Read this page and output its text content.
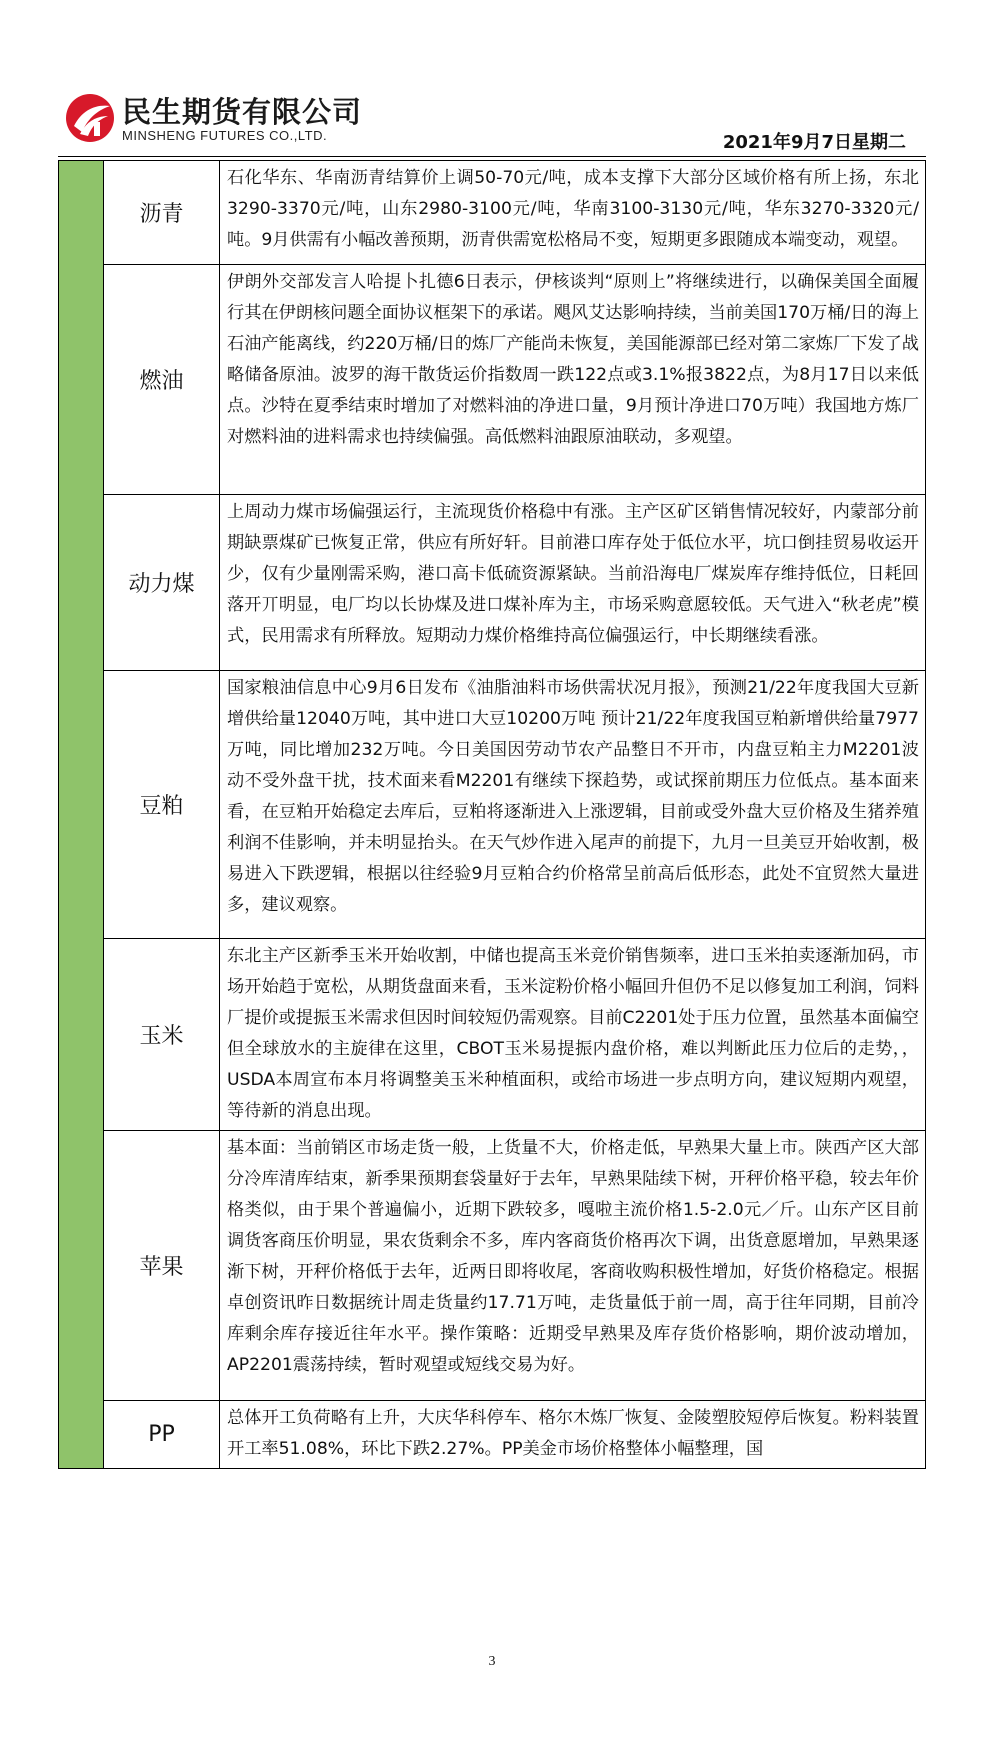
民生期货有限公司
MINSHENG FUTURES CO.,LTD.	2021年9月7日星期二
	沥青	石化华东、华南沥青结算价上调50-70元/吨，成本支撑下大部分区域价格有所上扬，东北3290-3370元/吨，山东2980-3100元/吨，华南3100-3130元/吨，华东3270-3320元/吨。9月供需有小幅改善预期，沥青供需宽松格局不变，短期更多跟随成本端变动，观望。
	燃油	伊朗外交部发言人哈提卜扎德6日表示，伊核谈判“原则上”将继续进行，以确保美国全面履行其在伊朗核问题全面协议框架下的承诺。飓风艾达影响持续，当前美国170万桶/日的海上石油产能离线，约220万桶/日的炼厂产能尚未恢复，美国能源部已经对第二家炼厂下发了战略储备原油。波罗的海干散货运价指数周一跌122点或3.1%报3822点，为8月17日以来低点。沙特在夏季结束时增加了对燃料油的净进口量，9月预计净进口70万吨）我国地方炼厂对燃料油的进料需求也持续偏强。高低燃料油跟原油联动，多观望。
	动力煤	上周动力煤市场偏强运行，主流现货价格稳中有涨。主产区矿区销售情况较好，内蒙部分前期缺票煤矿已恢复正常，供应有所好轩。目前港口库存处于低位水平，坑口倒挂贸易收运开少，仅有少量刚需采购，港口高卡低硫资源紧缺。当前沿海电厂煤炭库存维持低位，日耗回落开丌明显，电厂均以长协煤及进口煤补库为主，市场采购意愿较低。天气进入“秋老虎”模式，民用需求有所释放。短期动力煤价格维持高位偏强运行，中长期继续看涨。
	豆粕	国家粮油信息中心9月6日发布《油脂油料市场供需状况月报》，预测21/22年度我国大豆新增供给量12040万吨，其中进口大豆10200万吨 预计21/22年度我国豆粕新增供给量7977万吨，同比增加232万吨。今日美国因劳动节农产品整日不开市，内盘豆粕主力M2201波动不受外盘干扰，技术面来看M2201有继续下探趋势，或试探前期压力位低点。基本面来看，在豆粕开始稳定去库后，豆粕将逐渐进入上涨逻辑，目前或受外盘大豆价格及生猪养殖利润不佳影响，并未明显抬头。在天气炒作进入尾声的前提下，九月一旦美豆开始收割，极易进入下跌逻辑，根据以往经验9月豆粕合约价格常呈前高后低形态，此处不宜贸然大量进多，建议观察。
	玉米	东北主产区新季玉米开始收割，中储也提高玉米竞价销售频率，进口玉米拍卖逐渐加码，市场开始趋于宽松，从期货盘面来看，玉米淀粉价格小幅回升但仍不足以修复加工利润，饲料厂提价或提振玉米需求但因时间较短仍需观察。目前C2201处于压力位置，虽然基本面偏空但全球放水的主旋律在这里，CBOT玉米易提振内盘价格，难以判断此压力位后的走势，，USDA本周宣布本月将调整美玉米种植面积，或给市场进一步点明方向，建议短期内观望，等待新的消息出现。
	苹果	基本面：当前销区市场走货一般，上货量不大，价格走低，早熟果大量上市。陕西产区大部分冷库清库结束，新季果预期套袋量好于去年，早熟果陆续下树，开秤价格平稳，较去年价格类似，由于果个普遍偏小，近期下跌较多，嘎啦主流价格1.5-2.0元／斤。山东产区目前调货客商压价明显，果农货剩余不多，库内客商货价格再次下调，出货意愿增加，早熟果逐渐下树，开秤价格低于去年，近两日即将收尾，客商收购积极性增加，好货价格稳定。根据卓创资讯昨日数据统计周走货量约17.71万吨，走货量低于前一周，高于往年同期，目前冷库剩余库存接近往年水平。操作策略：近期受早熟果及库存货价格影响，期价波动增加，AP2201震荡持续，暂时观望或短线交易为好。
	PP	总体开工负荷略有上升，大庆华科停车、格尔木炼厂恢复、金陵塑胶短停后恢复。粉料装置开工率51.08%，环比下跌2.27%。PP美金市场价格整体小幅整理，国
3
